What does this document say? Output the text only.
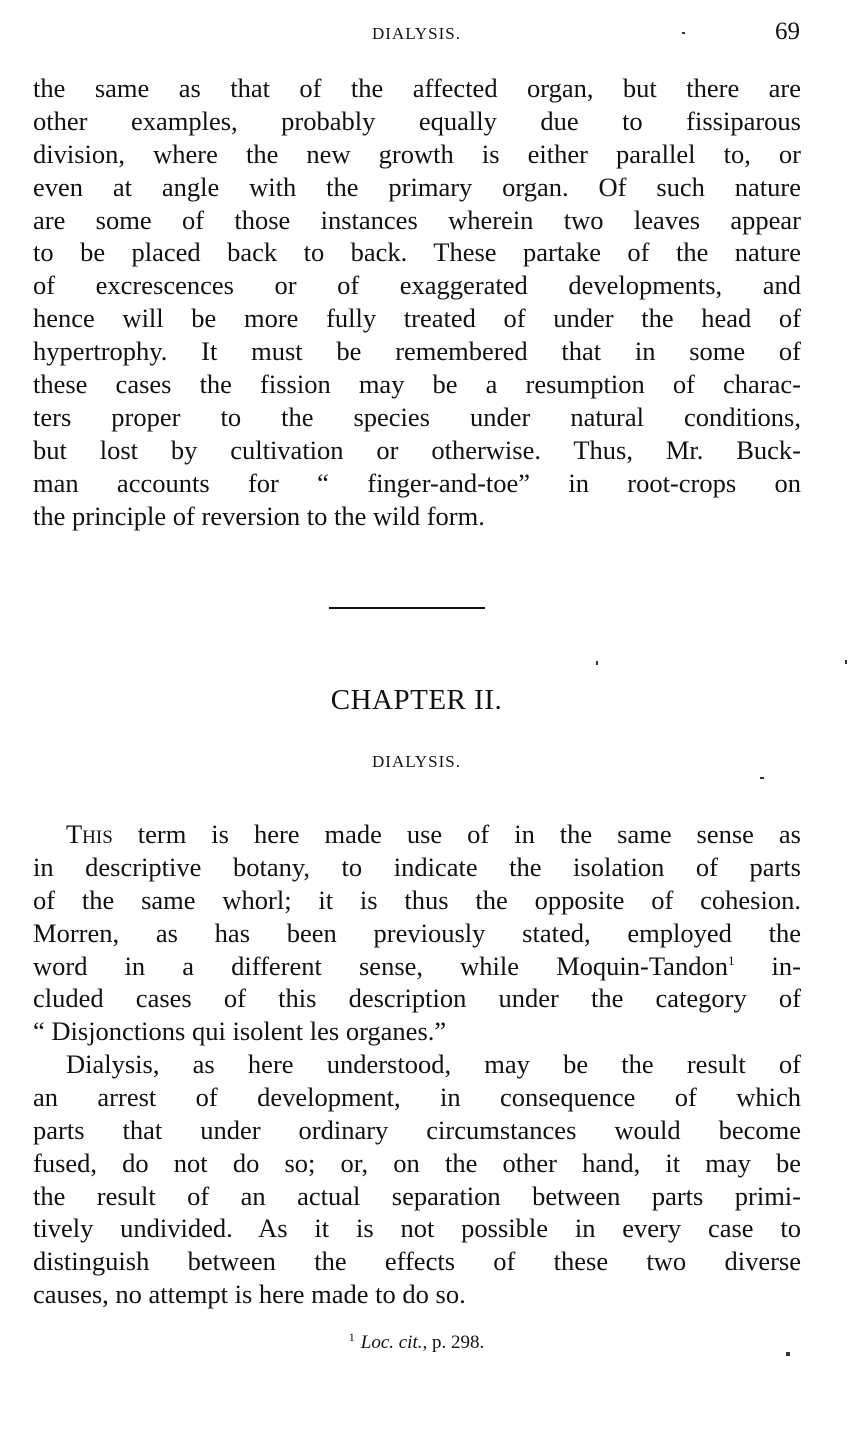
DIALYSIS.	69
the same as that of the affected organ, but there are
other examples, probably equally due to fissiparous
division, where the new growth is either parallel to, or
even at angle with the primary organ. Of such nature
are some of those instances wherein two leaves appear
to be placed back to back. These partake of the nature
of excrescences or of exaggerated developments, and
hence will be more fully treated of under the head of
hypertrophy. It must be remembered that in some of
these cases the fission may be a resumption of charac-
ters proper to the species under natural conditions,
but lost by cultivation or otherwise. Thus, Mr. Buck-
man accounts for “ finger-and-toe” in root-crops on
the principle of reversion to the wild form.
CHAPTER II.
DIALYSIS.
This term is here made use of in the same sense as
in descriptive botany, to indicate the isolation of parts
of the same whorl; it is thus the opposite of cohesion.
Morren, as has been previously stated, employed the
word in a different sense, while Moquin-Tandon$^1$ in-
cluded cases of this description under the category of
“ Disjonctions qui isolent les organes.”
Dialysis, as here understood, may be the result of
an arrest of development, in consequence of which
parts that under ordinary circumstances would become
fused, do not do so; or, on the other hand, it may be
the result of an actual separation between parts primi-
tively undivided. As it is not possible in every case to
distinguish between the effects of these two diverse
causes, no attempt is here made to do so.
$^1$ Loc. cit., p. 298.
